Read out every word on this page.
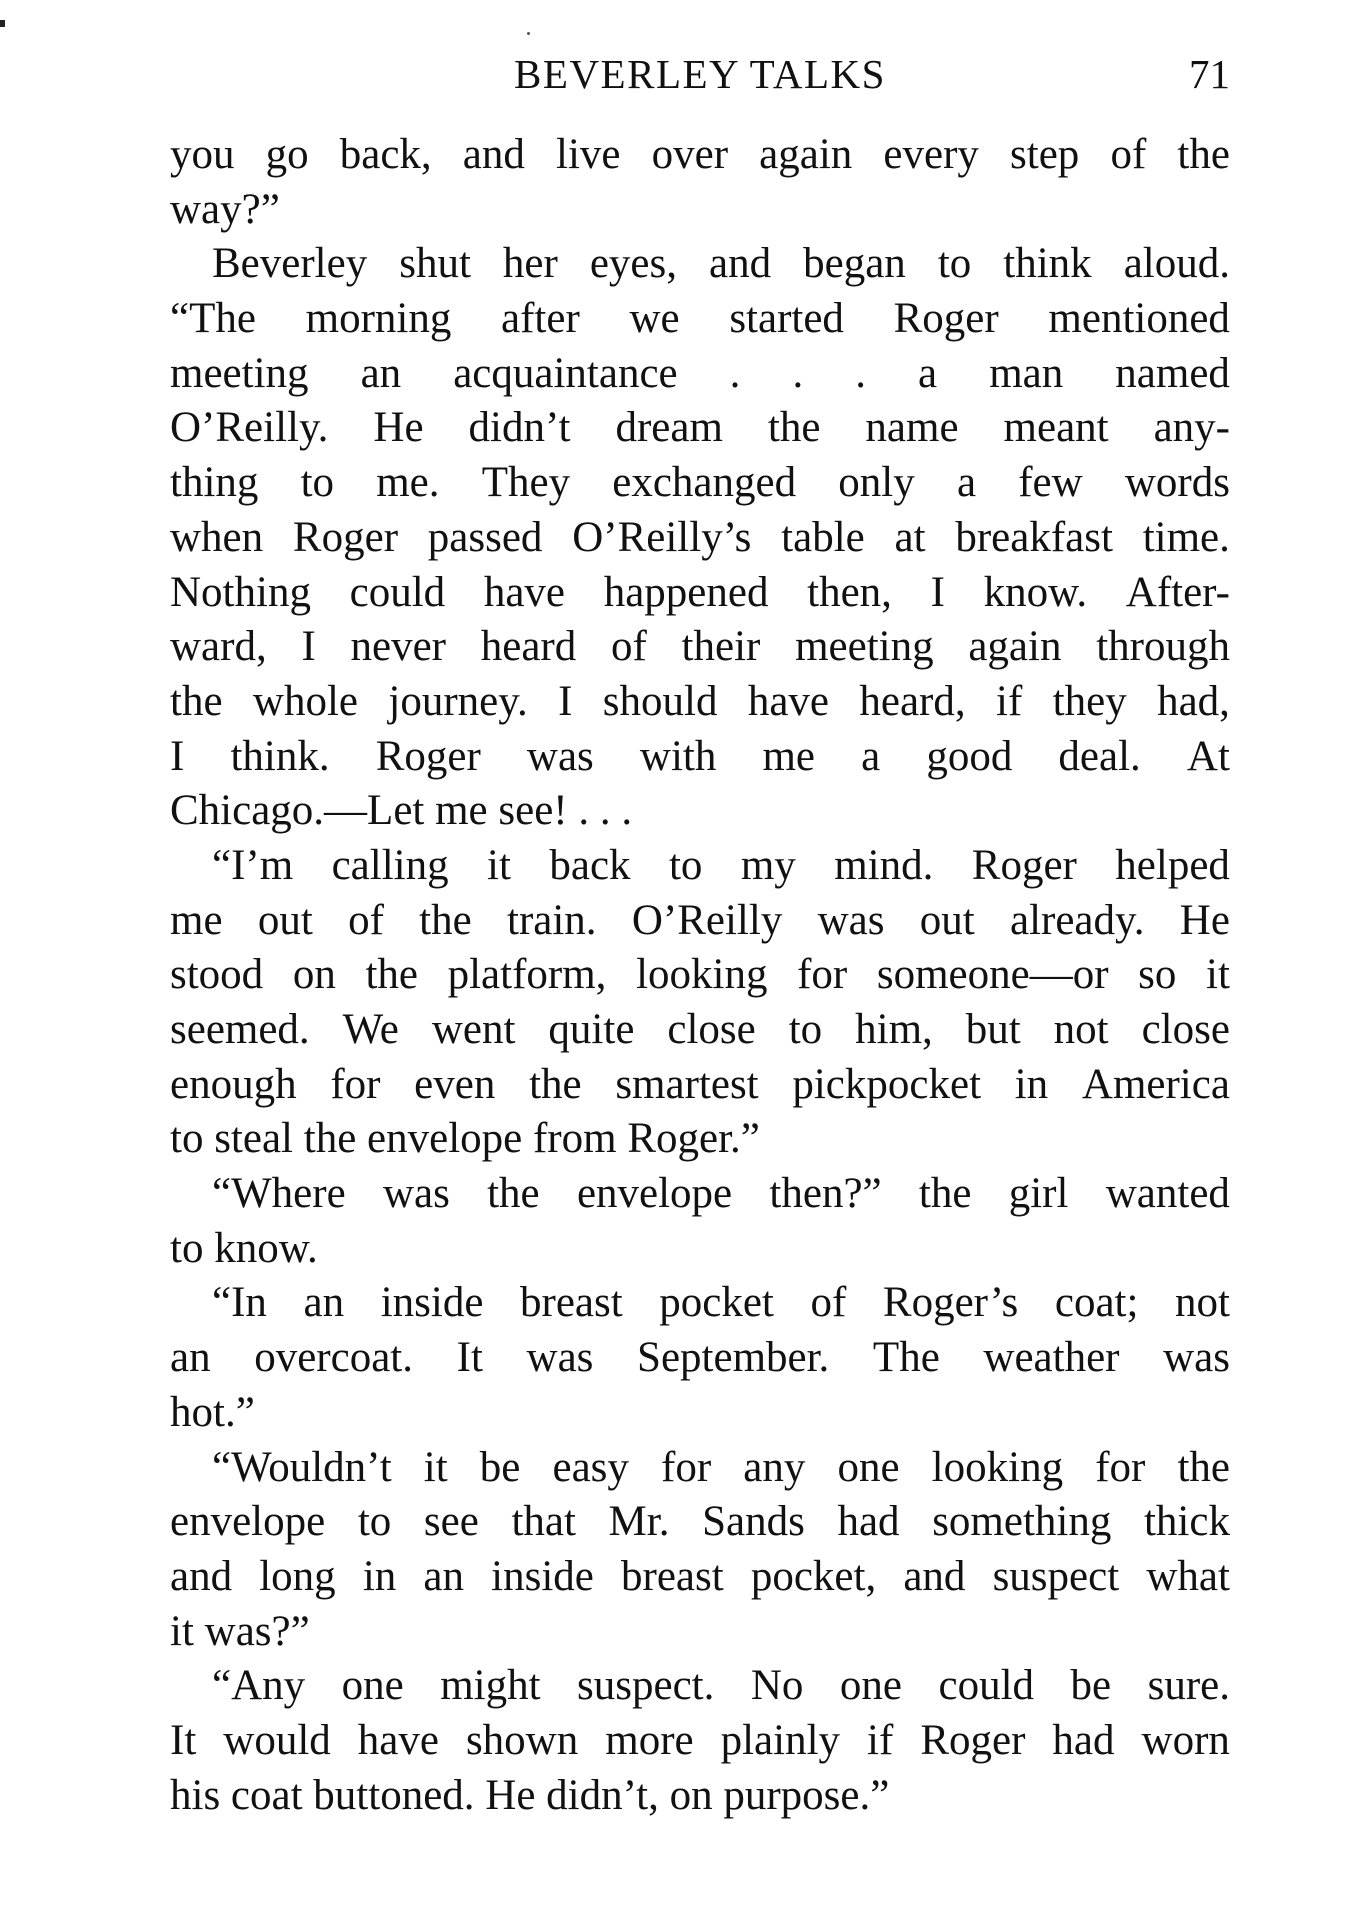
BEVERLEY TALKS	71
you go back, and live over again every step of the
way?”
Beverley shut her eyes, and began to think aloud.
“The morning after we started Roger mentioned
meeting an acquaintance . . . a man named
O’Reilly. He didn’t dream the name meant any-
thing to me. They exchanged only a few words
when Roger passed O’Reilly’s table at breakfast time.
Nothing could have happened then, I know. After-
ward, I never heard of their meeting again through
the whole journey. I should have heard, if they had,
I think. Roger was with me a good deal. At
Chicago.—Let me see! . . .
“I’m calling it back to my mind. Roger helped
me out of the train. O’Reilly was out already. He
stood on the platform, looking for someone—or so it
seemed. We went quite close to him, but not close
enough for even the smartest pickpocket in America
to steal the envelope from Roger.”
“Where was the envelope then?” the girl wanted
to know.
“In an inside breast pocket of Roger’s coat; not
an overcoat. It was September. The weather was
hot.”
“Wouldn’t it be easy for any one looking for the
envelope to see that Mr. Sands had something thick
and long in an inside breast pocket, and suspect what
it was?”
“Any one might suspect. No one could be sure.
It would have shown more plainly if Roger had worn
his coat buttoned. He didn’t, on purpose.”
